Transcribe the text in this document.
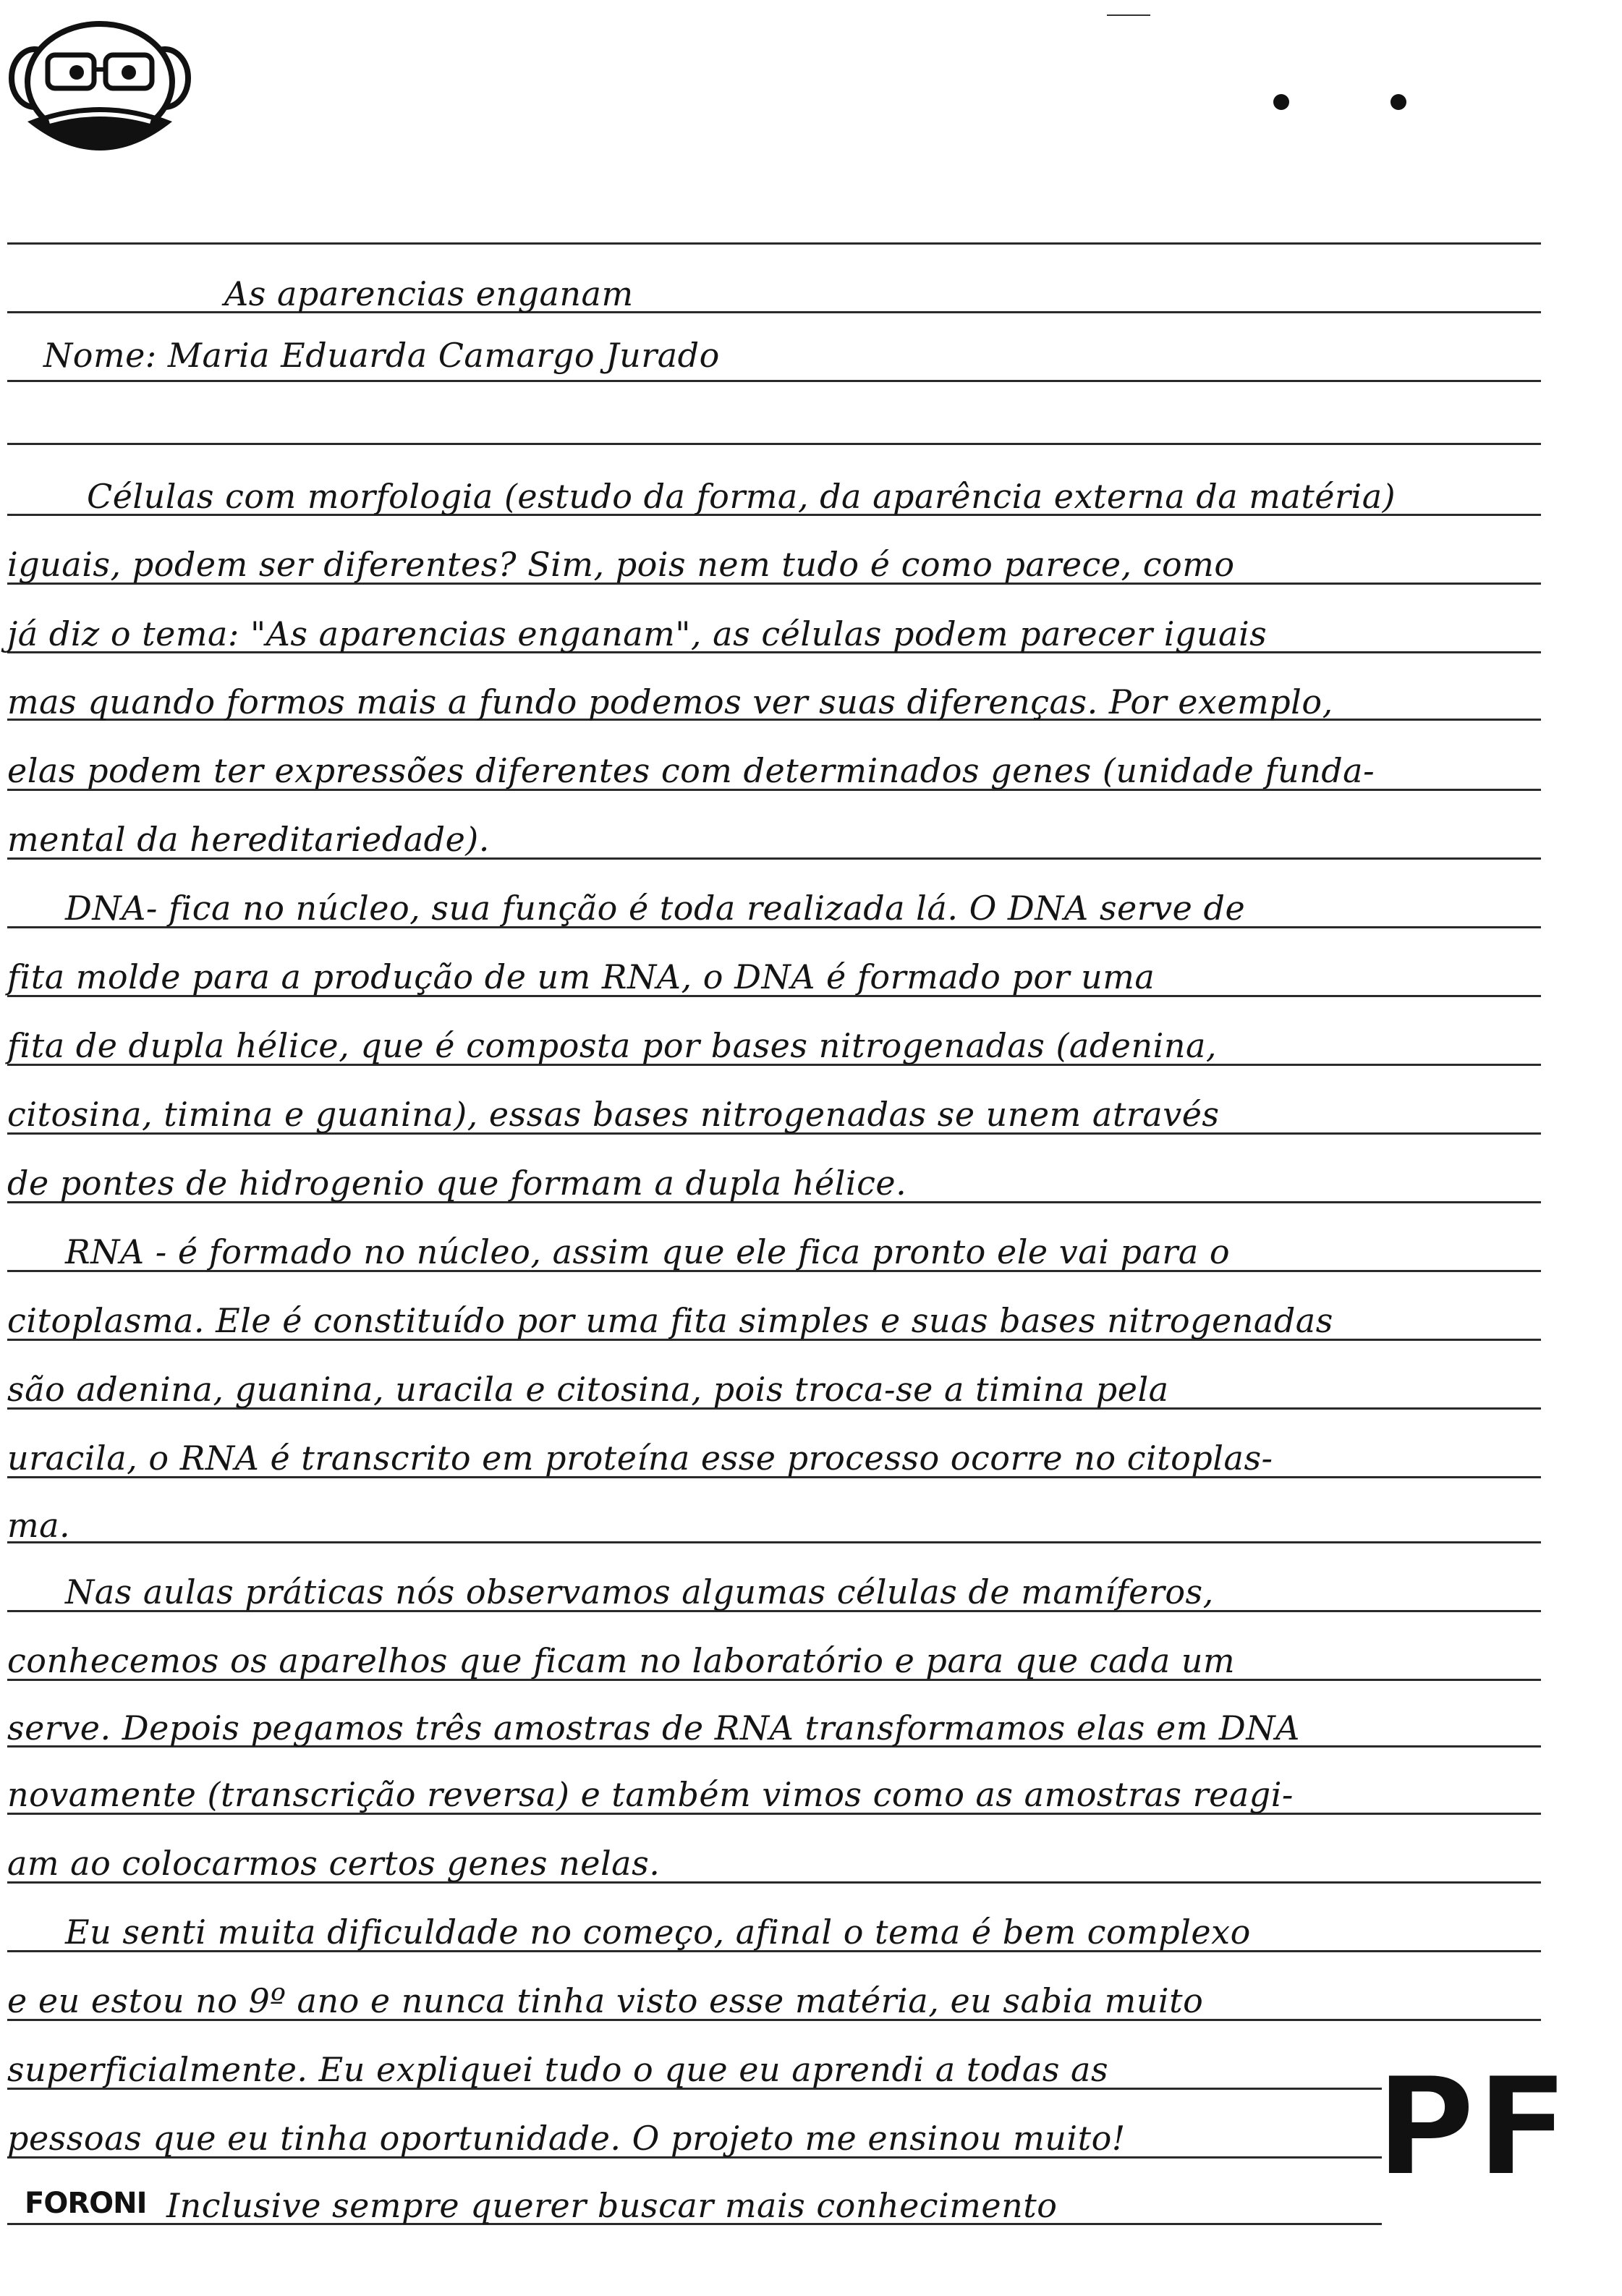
As aparencias enganam
Nome: Maria Eduarda Camargo Jurado
Células com morfologia (estudo da forma, da aparência externa da matéria)
iguais, podem ser diferentes? Sim, pois nem tudo é como parece, como
já diz o tema: "As aparencias enganam", as células podem parecer iguais
mas quando formos mais a fundo podemos ver suas diferenças. Por exemplo,
elas podem ter expressões diferentes com determinados genes (unidade funda-
mental da hereditariedade).
DNA- fica no núcleo, sua função é toda realizada lá. O DNA serve de
fita molde para a produção de um RNA, o DNA é formado por uma
fita de dupla hélice, que é composta por bases nitrogenadas (adenina,
citosina, timina e guanina), essas bases nitrogenadas se unem através
de pontes de hidrogenio que formam a dupla hélice.
RNA - é formado no núcleo, assim que ele fica pronto ele vai para o
citoplasma. Ele é constituído por uma fita simples e suas bases nitrogenadas
são adenina, guanina, uracila e citosina, pois troca-se a timina pela
uracila, o RNA é transcrito em proteína esse processo ocorre no citoplas-
ma.
Nas aulas práticas nós observamos algumas células de mamíferos,
conhecemos os aparelhos que ficam no laboratório e para que cada um
serve. Depois pegamos três amostras de RNA transformamos elas em DNA
novamente (transcrição reversa) e também vimos como as amostras reagi-
am ao colocarmos certos genes nelas.
Eu senti muita dificuldade no começo, afinal o tema é bem complexo
e eu estou no 9º ano e nunca tinha visto esse matéria, eu sabia muito
superficialmente. Eu expliquei tudo o que eu aprendi a todas as
pessoas que eu tinha oportunidade. O projeto me ensinou muito!
Inclusive sempre querer buscar mais conhecimento
FORONI	PF
